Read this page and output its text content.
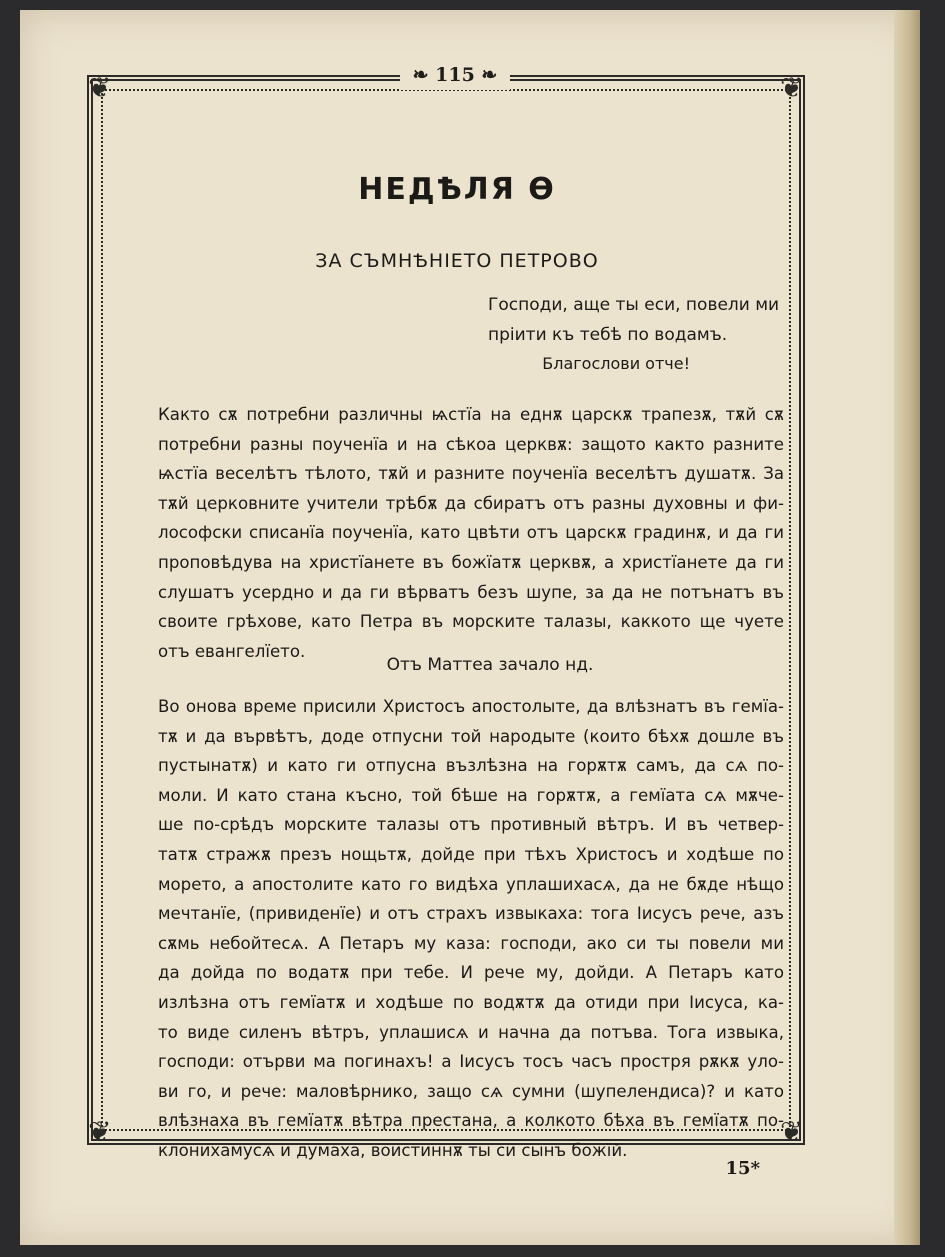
❦	❦
❦	❦
❧ 115 ❧
НЕДѢЛЯ Ѳ
ЗА СЪМНѢНІЕТО ПЕТРОВО
Господи, аще ты еси, повели ми
пріити къ тебѣ по водамъ.
Благослови отче!
Както сѫ потребни различны ѩстїа на еднѫ царскѫ трапезѫ, тѫй сѫ
потребни разны поученїа и на сѣкоа церквѫ: защото както разните
ѩстїа веселѣтъ тѣлото, тѫй и разните поученїа веселѣтъ душатѫ. За
тѫй церковните учители трѣбѫ да сбиратъ отъ разны духовны и фи-
лософски списанїа поученїа, като цвѣти отъ царскѫ градинѫ, и да ги
проповѣдува на христїанете въ божїатѫ церквѫ, а христїанете да ги
слушатъ усердно и да ги вѣрватъ безъ шупе, за да не потънатъ въ
своите грѣхове, като Петра въ морските талазы, каккото ще чуете
отъ евангелїето.
Отъ Маттеа зачало нд.
Во онова време присили Христосъ апостолыте, да влѣзнатъ въ гемїа-
тѫ и да вървѣтъ, доде отпусни той народыте (които бѣхѫ дошле въ
пустынатѫ) и като ги отпусна възлѣзна на горѫтѫ самъ, да сѧ по-
моли. И като стана късно, той бѣше на горѫтѫ, а гемїата сѧ мѫче-
ше по-срѣдъ морските талазы отъ противный вѣтръ. И въ четвер-
татѫ стражѫ презъ нощьтѫ, дойде при тѣхъ Христосъ и ходѣше по
морето, а апостолите като го видѣха уплашихасѧ, да не бѫде нѣщо
мечтанїе, (привиденїе) и отъ страхъ извыкаха: тога Іисусъ рече, азъ
сѫмь небойтесѧ. А Петаръ му каза: господи, ако си ты повели ми
да дойда по водатѫ при тебе. И рече му, дойди. А Петаръ като
излѣзна отъ гемїатѫ и ходѣше по водѫтѫ да отиди при Іисуса, ка-
то виде силенъ вѣтръ, уплашисѧ и начна да потъва. Тога извыка,
господи: отърви ма погинахъ! а Іисусъ тосъ часъ простря рѫкѫ уло-
ви го, и рече: маловѣрнико, защо сѧ сумни (шупелендиса)? и като
влѣзнаха въ гемїатѫ вѣтра престана, а колкото бѣха въ гемїатѫ по-
клонихамусѧ и думаха, воистиннѫ ты си сынъ божїй.
15*
